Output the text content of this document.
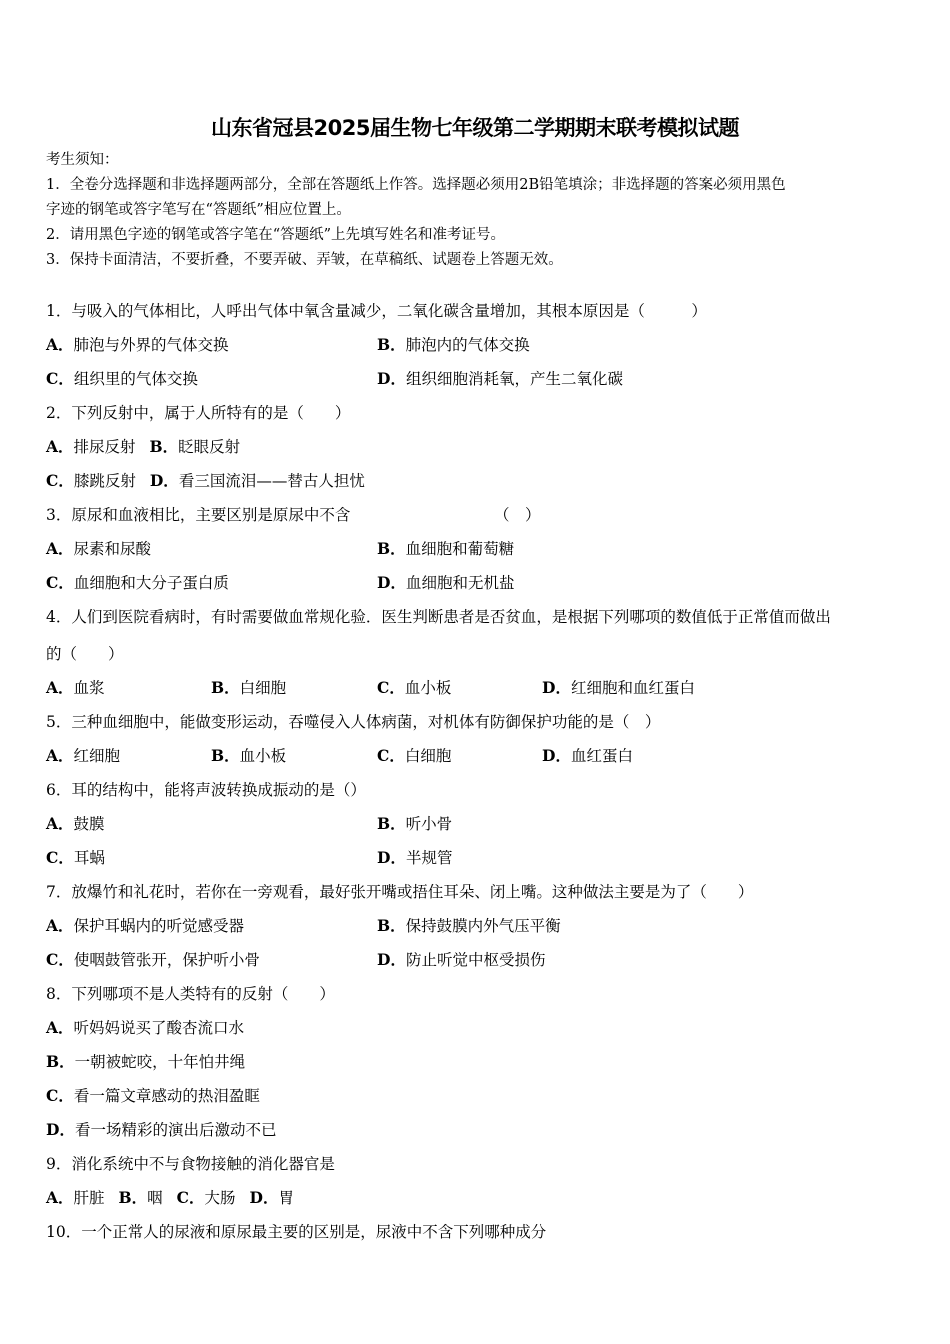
山东省冠县2025届生物七年级第二学期期末联考模拟试题
考生须知：
1．全卷分选择题和非选择题两部分，全部在答题纸上作答。选择题必须用2B铅笔填涂；非选择题的答案必须用黑色
字迹的钢笔或答字笔写在“答题纸”相应位置上。
2．请用黑色字迹的钢笔或答字笔在“答题纸”上先填写姓名和准考证号。
3．保持卡面清洁，不要折叠，不要弄破、弄皱，在草稿纸、试题卷上答题无效。
1．与吸入的气体相比，人呼出气体中氧含量减少，二氧化碳含量增加，其根本原因是（　　　）
A．肺泡与外界的气体交换	B．肺泡内的气体交换
C．组织里的气体交换	D．组织细胞消耗氧，产生二氧化碳
2．下列反射中，属于人所特有的是（　　）
A．排尿反射 B．眨眼反射
C．膝跳反射 D．看三国流泪——替古人担忧
3．原尿和血液相比，主要区别是原尿中不含	（　）
A．尿素和尿酸	B．血细胞和葡萄糖
C．血细胞和大分子蛋白质	D．血细胞和无机盐
4．人们到医院看病时，有时需要做血常规化验．医生判断患者是否贫血，是根据下列哪项的数值低于正常值而做出
的（　　）
A．血浆	B．白细胞	C．血小板	D．红细胞和血红蛋白
5．三种血细胞中，能做变形运动，吞噬侵入人体病菌，对机体有防御保护功能的是（　）
A．红细胞	B．血小板	C．白细胞	D．血红蛋白
6．耳的结构中，能将声波转换成振动的是（）
A．鼓膜	B．听小骨
C．耳蜗	D．半规管
7．放爆竹和礼花时，若你在一旁观看，最好张开嘴或捂住耳朵、闭上嘴。这种做法主要是为了（　　）
A．保护耳蜗内的听觉感受器	B．保持鼓膜内外气压平衡
C．使咽鼓管张开，保护听小骨	D．防止听觉中枢受损伤
8．下列哪项不是人类特有的反射（　　）
A．听妈妈说买了酸杏流口水
B．一朝被蛇咬，十年怕井绳
C．看一篇文章感动的热泪盈眶
D．看一场精彩的演出后激动不已
9．消化系统中不与食物接触的消化器官是
A．肝脏 B．咽 C．大肠 D．胃
10．一个正常人的尿液和原尿最主要的区别是，尿液中不含下列哪种成分
